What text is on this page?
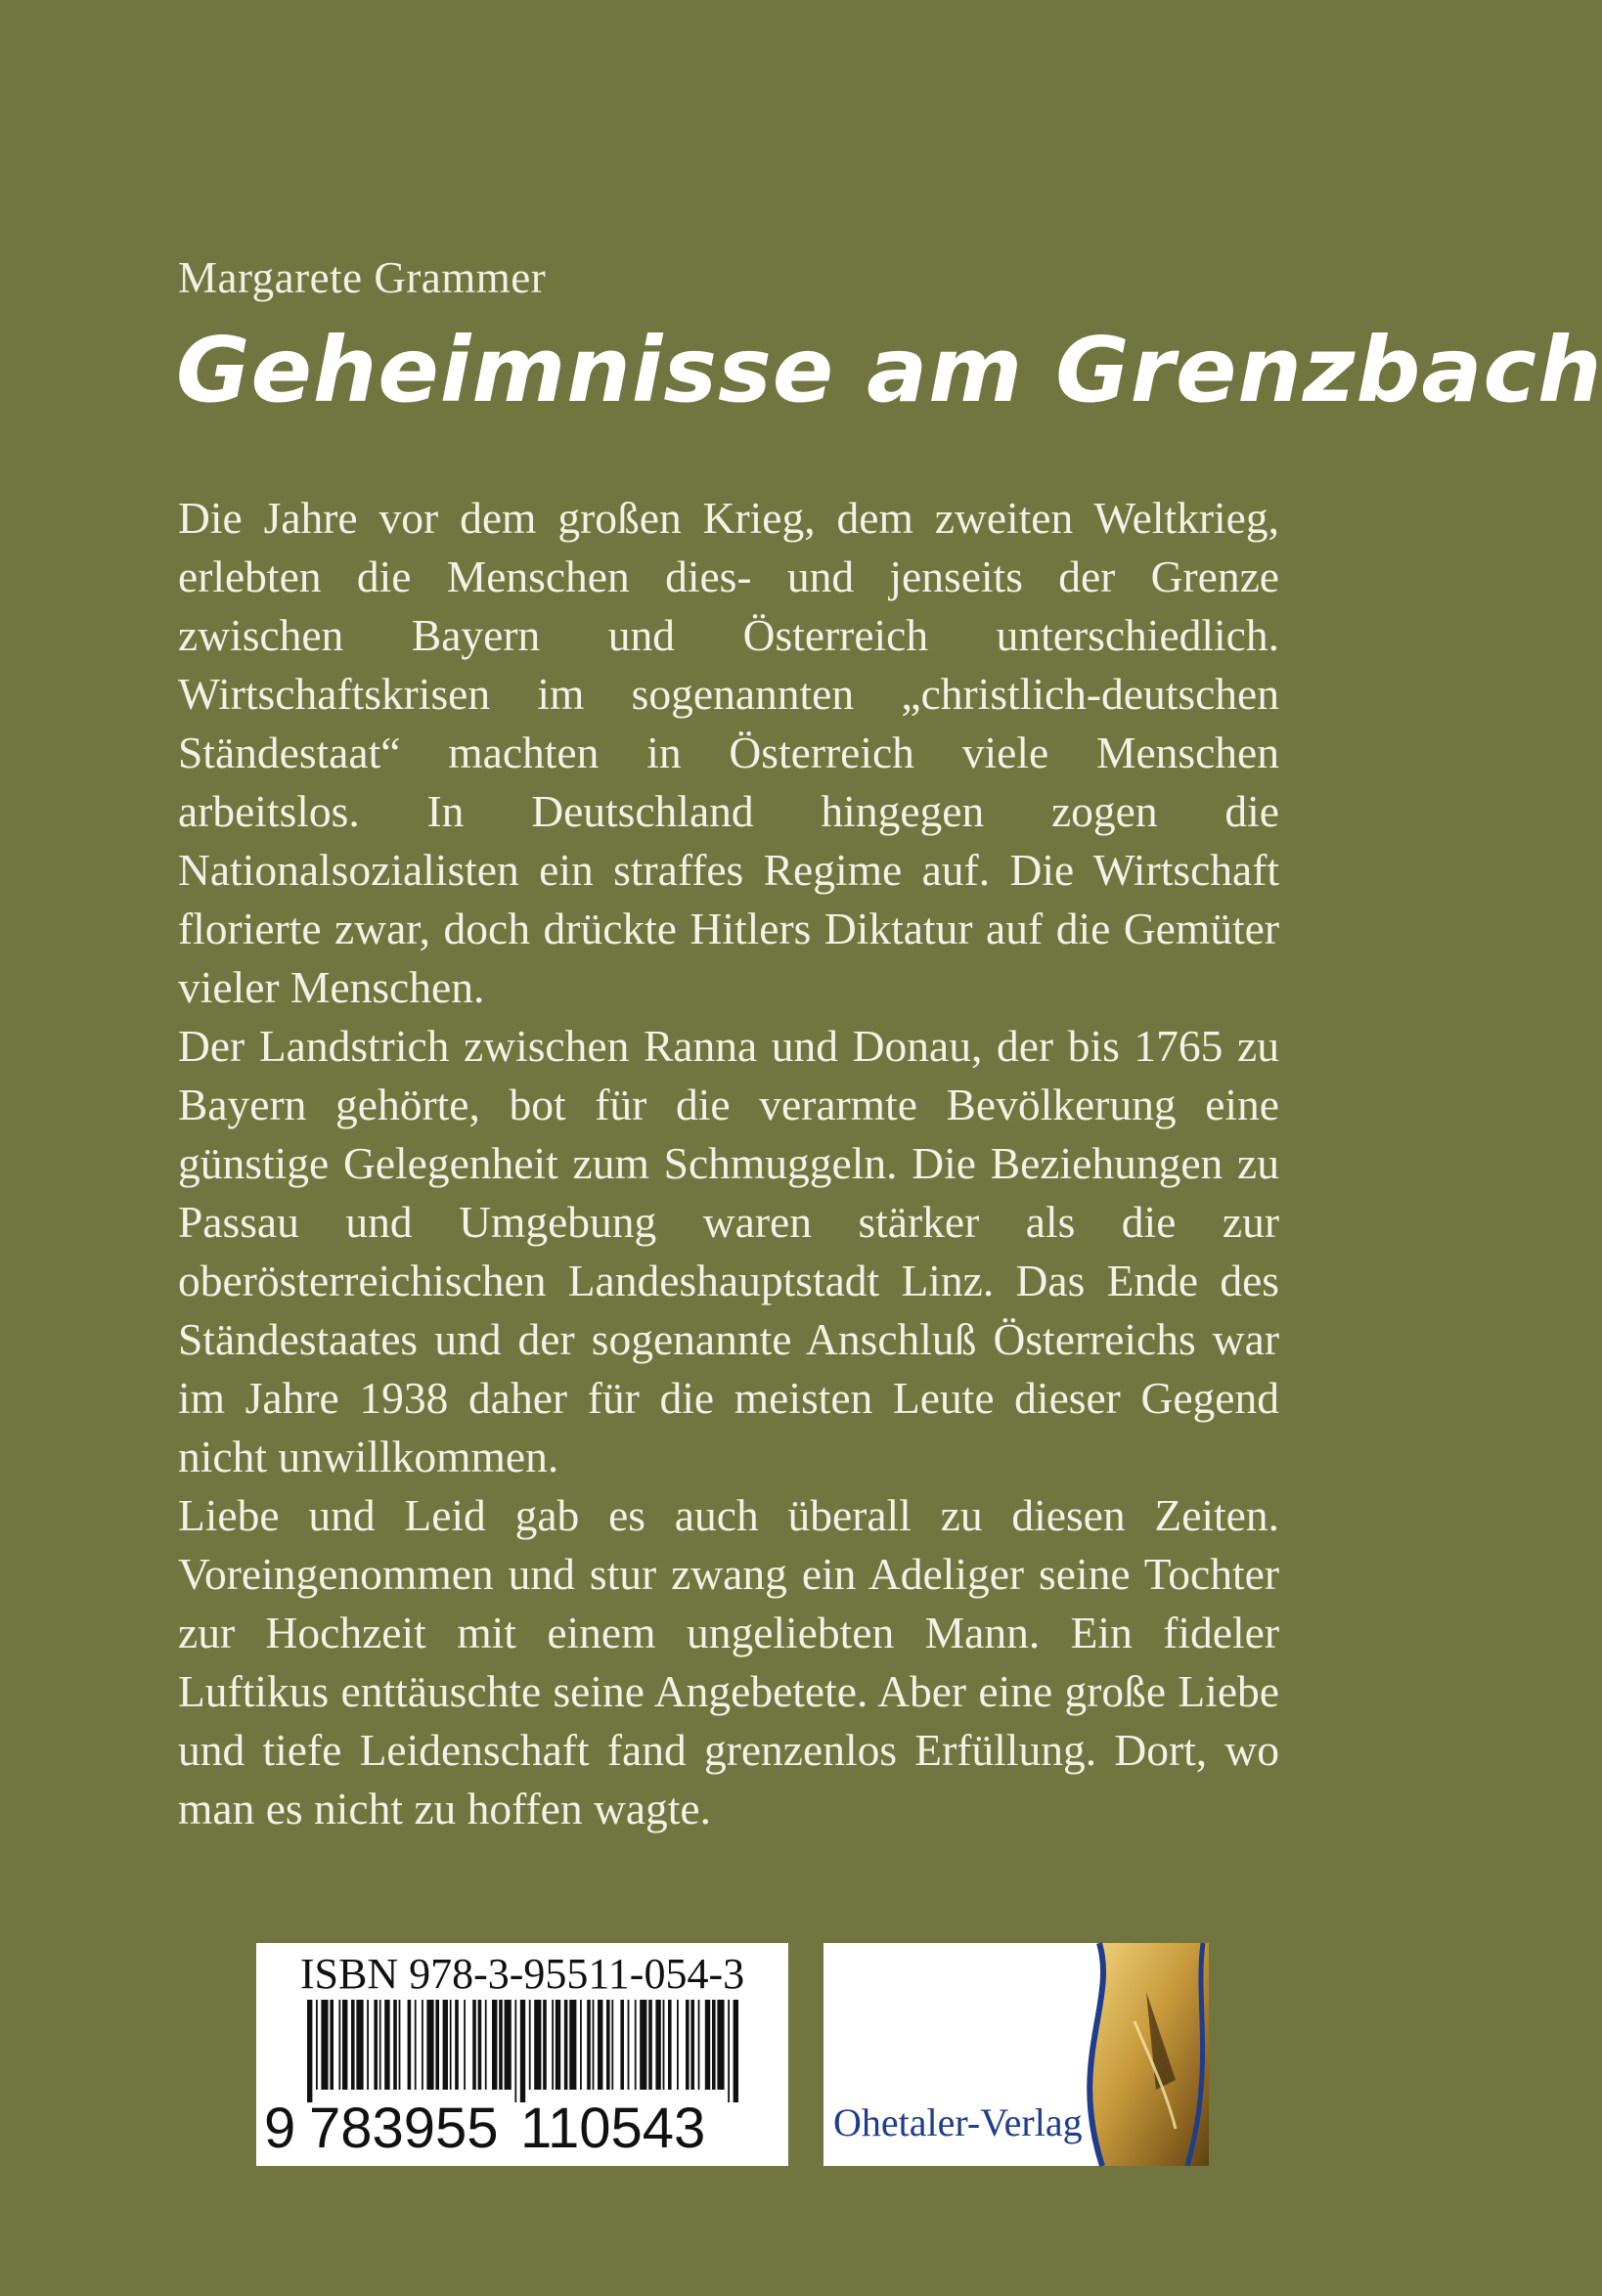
Margarete Grammer
Geheimnisse am Grenzbach

Die Jahre vor dem großen Krieg, dem zweiten Weltkrieg, erlebten die Menschen dies- und jenseits der Grenze zwischen Bayern und Österreich unterschiedlich. Wirtschaftskrisen im sogenannten „christlich-deutschen Ständestaat“ machten in Österreich viele Menschen arbeitslos. In Deutschland hingegen zogen die Nationalsozialisten ein straffes Regime auf. Die Wirtschaft florierte zwar, doch drückte Hitlers Diktatur auf die Gemüter vieler Menschen.

Der Landstrich zwischen Ranna und Donau, der bis 1765 zu Bayern gehörte, bot für die verarmte Bevölkerung eine günstige Gelegenheit zum Schmuggeln. Die Beziehungen zu Passau und Umgebung waren stärker als die zur oberösterreichischen Landeshauptstadt Linz. Das Ende des Ständestaates und der sogenannte Anschluß Österreichs war im Jahre 1938 daher für die meisten Leute dieser Gegend nicht unwillkommen.

Liebe und Leid gab es auch überall zu diesen Zeiten. Voreingenommen und stur zwang ein Adeliger seine Tochter zur Hochzeit mit einem ungeliebten Mann. Ein fideler Luftikus enttäuschte seine Angebetete. Aber eine große Liebe und tiefe Leidenschaft fand grenzenlos Erfüllung. Dort, wo man es nicht zu hoffen wagte.

ISBN 978-3-95511-054-3
9 783955 110543	Ohetaler-Verlag
